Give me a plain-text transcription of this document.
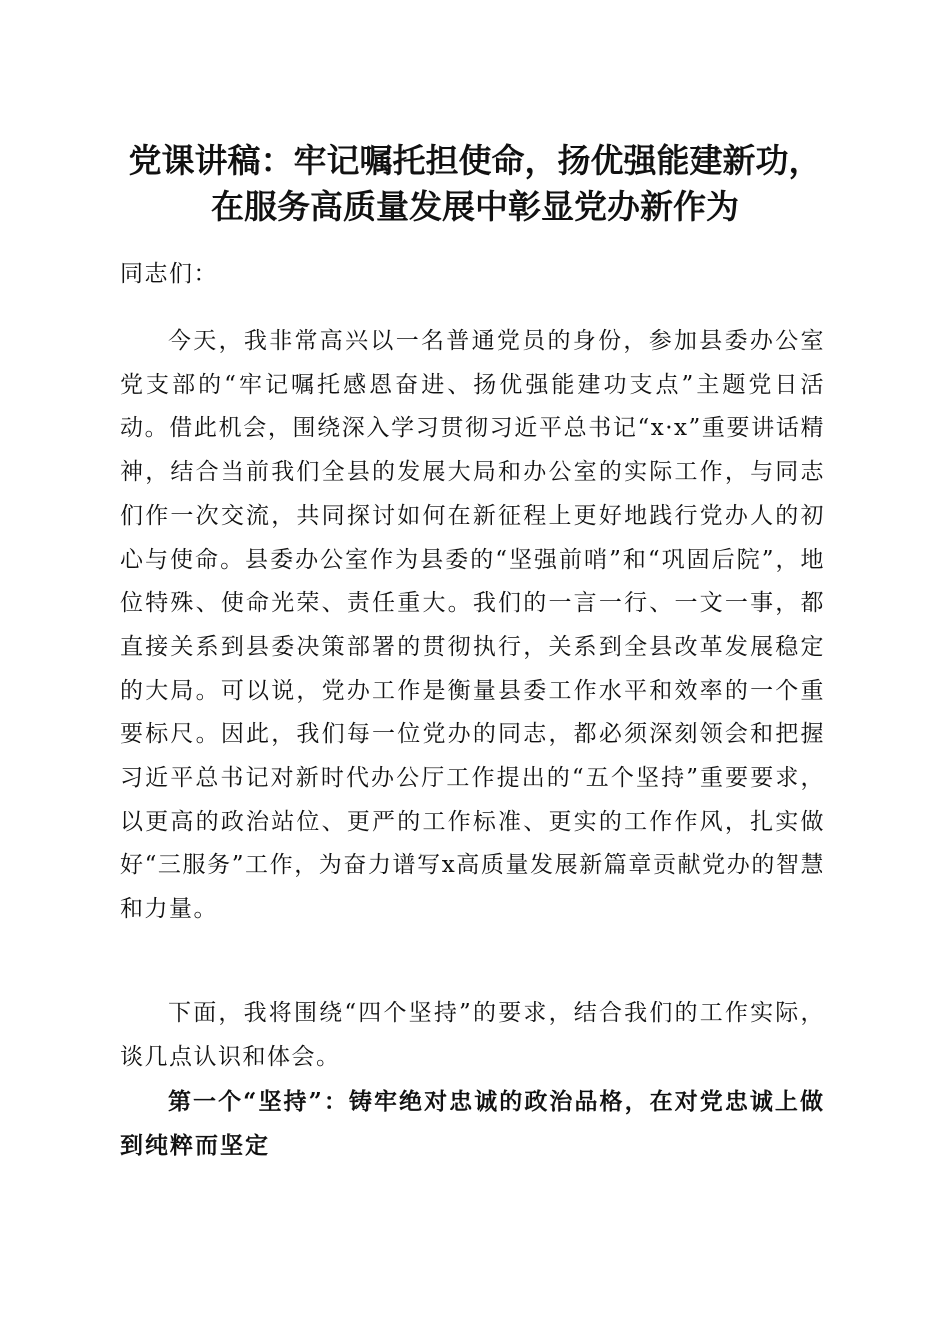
党课讲稿：牢记嘱托担使命，扬优强能建新功，
在服务高质量发展中彰显党办新作为
同志们：
今天，我非常高兴以一名普通党员的身份，参加县委办公室党支部的“牢记嘱托感恩奋进、扬优强能建功支点”主题党日活动。借此机会，围绕深入学习贯彻习近平总书记“x·x”重要讲话精神，结合当前我们全县的发展大局和办公室的实际工作，与同志们作一次交流，共同探讨如何在新征程上更好地践行党办人的初心与使命。县委办公室作为县委的“坚强前哨”和“巩固后院”，地位特殊、使命光荣、责任重大。我们的一言一行、一文一事，都直接关系到县委决策部署的贯彻执行，关系到全县改革发展稳定的大局。可以说，党办工作是衡量县委工作水平和效率的一个重要标尺。因此，我们每一位党办的同志，都必须深刻领会和把握习近平总书记对新时代办公厅工作提出的“五个坚持”重要要求，以更高的政治站位、更严的工作标准、更实的工作作风，扎实做好“三服务”工作，为奋力谱写x高质量发展新篇章贡献党办的智慧和力量。
下面，我将围绕“四个坚持”的要求，结合我们的工作实际，谈几点认识和体会。
第一个“坚持”：铸牢绝对忠诚的政治品格，在对党忠诚上做到纯粹而坚定
